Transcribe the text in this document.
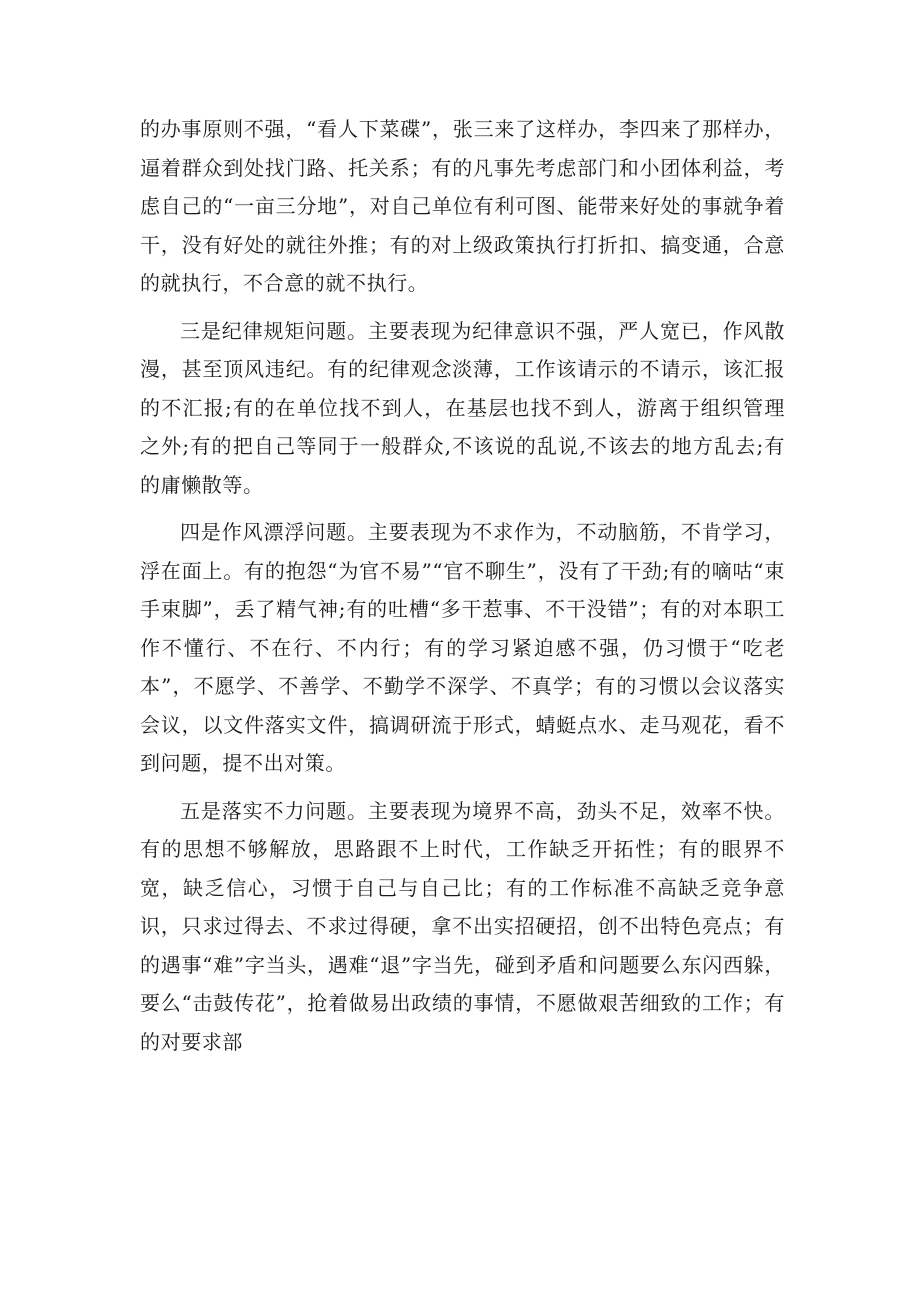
的办事原则不强，“看人下菜碟”，张三来了这样办，李四来了那样办，逼着群众到处找门路、托关系；有的凡事先考虑部门和小团体利益，考虑自己的“一亩三分地”，对自己单位有利可图、能带来好处的事就争着干，没有好处的就往外推；有的对上级政策执行打折扣、搞变通，合意的就执行，不合意的就不执行。

三是纪律规矩问题。主要表现为纪律意识不强，严人宽已，作风散漫，甚至顶风违纪。有的纪律观念淡薄，工作该请示的不请示，该汇报的不汇报;有的在单位找不到人，在基层也找不到人，游离于组织管理之外;有的把自己等同于一般群众,不该说的乱说,不该去的地方乱去;有的庸懒散等。

四是作风漂浮问题。主要表现为不求作为，不动脑筋，不肯学习，浮在面上。有的抱怨“为官不易”“官不聊生”，没有了干劲;有的嘀咕“束手束脚”，丢了精气神;有的吐槽“多干惹事、不干没错”；有的对本职工作不懂行、不在行、不内行；有的学习紧迫感不强，仍习惯于“吃老本”，不愿学、不善学、不勤学不深学、不真学；有的习惯以会议落实会议，以文件落实文件，搞调研流于形式，蜻蜓点水、走马观花，看不到问题，提不出对策。

五是落实不力问题。主要表现为境界不高，劲头不足，效率不快。有的思想不够解放，思路跟不上时代，工作缺乏开拓性；有的眼界不宽，缺乏信心，习惯于自己与自己比；有的工作标准不高缺乏竞争意识，只求过得去、不求过得硬，拿不出实招硬招，创不出特色亮点；有的遇事“难”字当头，遇难“退”字当先，碰到矛盾和问题要么东闪西躲，要么“击鼓传花”，抢着做易出政绩的事情，不愿做艰苦细致的工作；有的对要求部
